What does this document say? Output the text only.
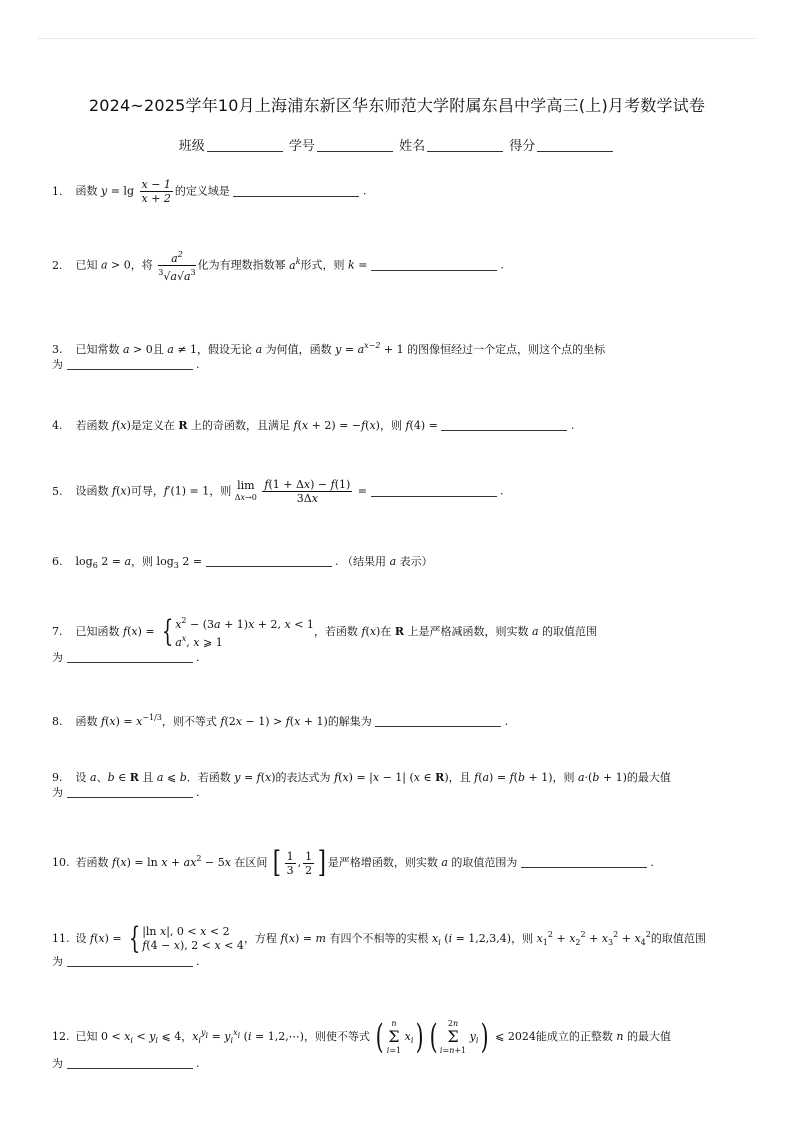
2024~2025学年10月上海浦东新区华东师范大学附属东昌中学高三(上)月考数学试卷
班级	学号	姓名	得分
1. 函数 $y = \lg \frac{x - 1}{x + 2}$ 的定义域是	.
2. 已知 a > 0，将 $\frac{a^2}{^3√a√a^3}$ 化为有理数指数幂 $a^k$形式，则 k =	.
3. 已知常数 a > 0且 a ≠ 1，假设无论 a 为何值，函数 $y = a^{x-2} + 1$ 的图像恒经过一个定点，则这个点的坐标
为	.
4. 若函数 f(x)是定义在 R 上的奇函数，且满足 f(x + 2) = −f(x)，则 f(4) =	.
5. 设函数 f(x)可导，f′(1) = 1，则 lim
$\Delta x\to 0 \frac{f(1 + \Delta x) - f(1)}{3\Delta x}$ =	.
6. $\log_6 2 = a$，则 $\log_3 2$ =	. （结果用 a 表示）
7. 已知函数 f(x) = { $x^2 - (3a + 1)x + 2$, x < 1
$a^x$, x ⩾ 1，若函数 f(x)在 R 上是严格减函数，则实数 a 的取值范围
为	.
8. 函数 $f(x) = x^{-1/3}$，则不等式 f(2x − 1) > f(x + 1)的解集为	.
9. 设 a、b ∈ R 且 a ⩽ b．若函数 y = f(x)的表达式为 f(x) = |x − 1| (x ∈ R)，且 f(a) = f(b + 1)，则 a·(b + 1)的最大值
为	.
10. 若函数 $f(x) = \ln x + ax^2 - 5x$ 在区间 [ $\frac{1}{3}$ , $\frac{1}{2}$ ] 是严格增函数，则实数 a 的取值范围为	.
11. 设 f(x) = { |ln x|, 0 < x < 2
f(4 − x), 2 < x < 4，方程 f(x) = m 有四个不相等的实根 $x_i$ (i = 1,2,3,4)，则 $x_1^2 + x_2^2 + x_3^2 + x_4^2$的取值范围
为	.
12. 已知 $0 < x_i < y_i$ ⩽ 4，$x_i^{yi} = y_i^{xi}$ (i = 1,2,⋯)，则使不等式 ( n
Σ
i=1 $x_i$) ( 2n
Σ
i=n+1 $y_i$) ⩽ 2024能成立的正整数 n 的最大值
为	.
